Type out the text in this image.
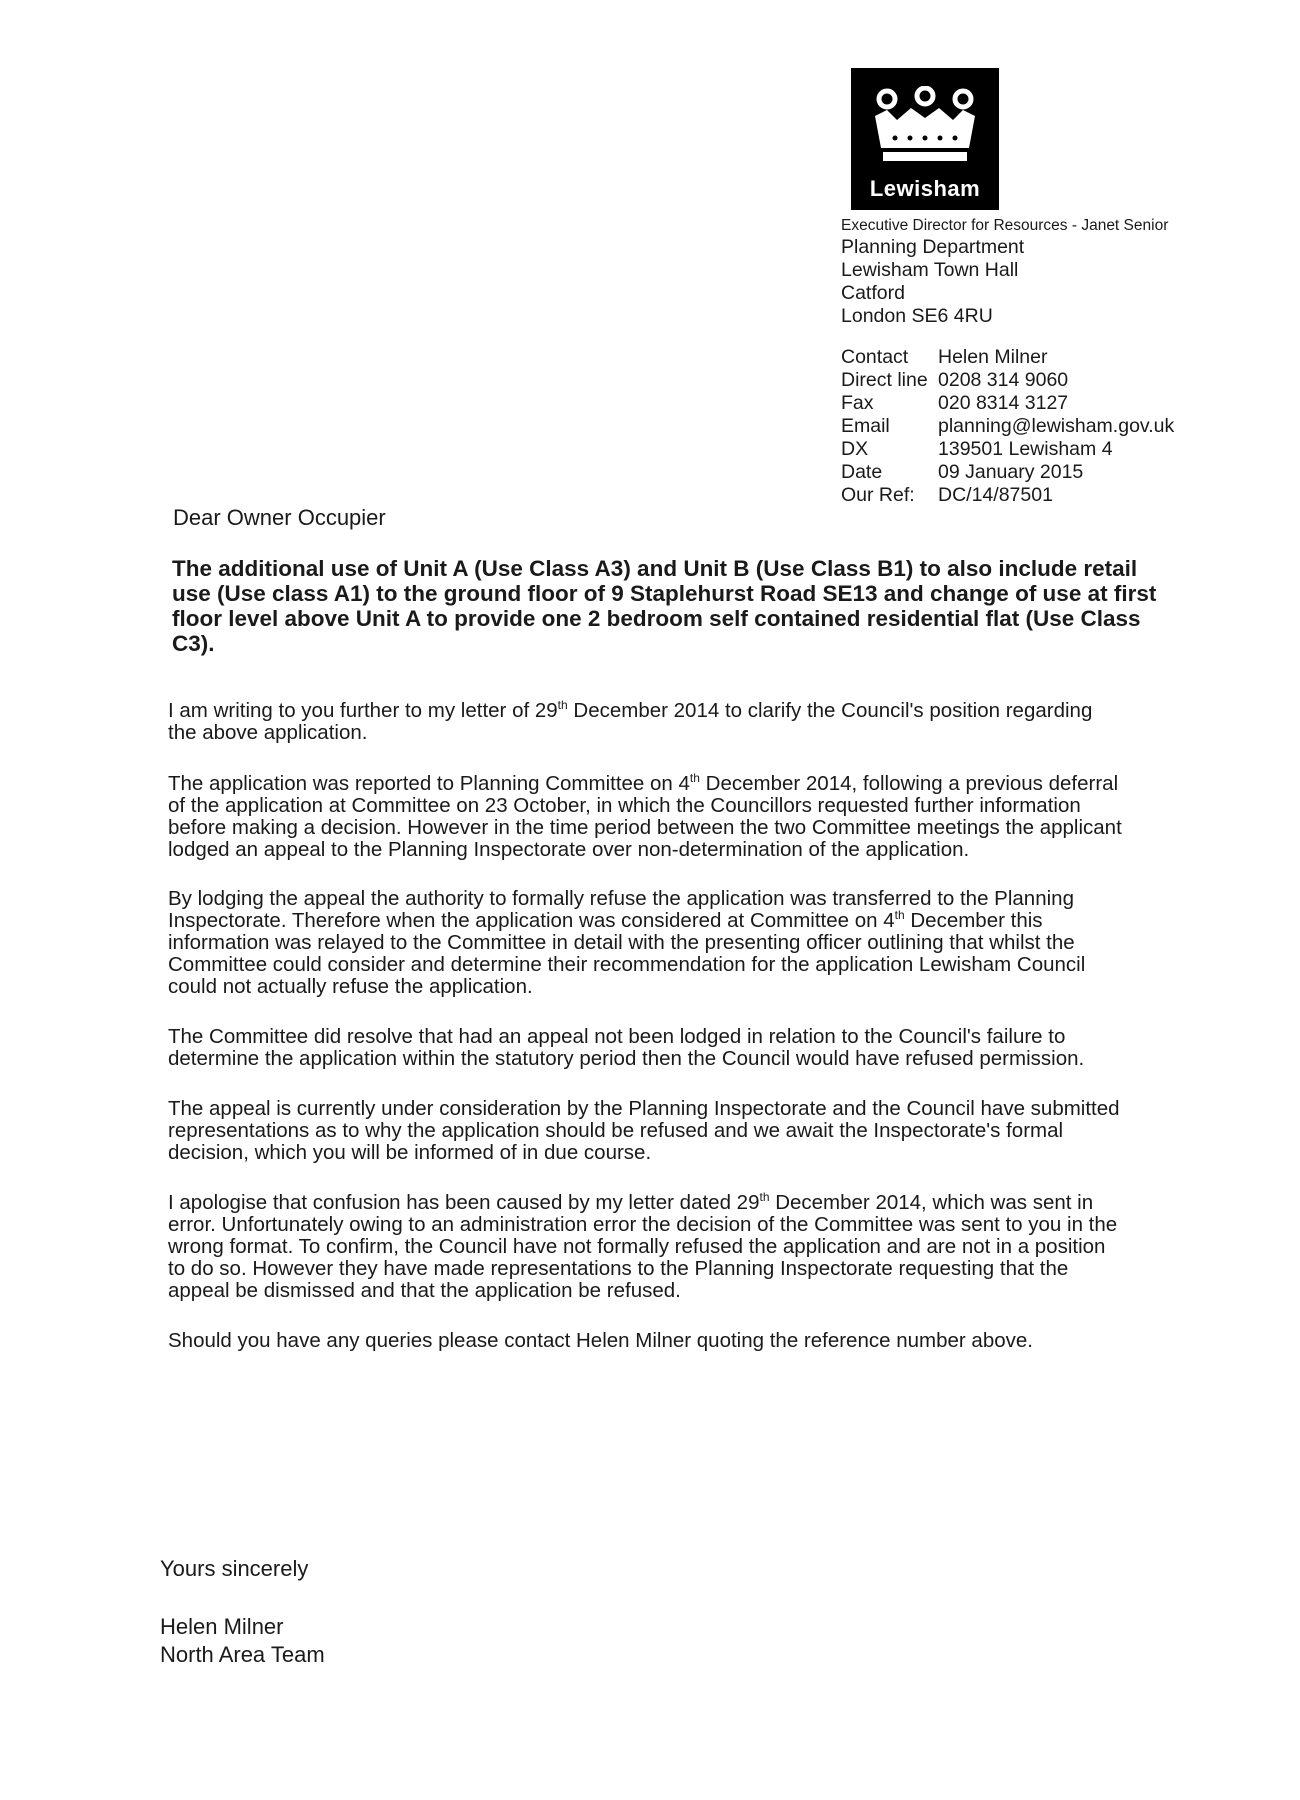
Lewisham
Executive Director for Resources - Janet Senior
Planning Department
Lewisham Town Hall
Catford
London SE6 4RU
Contact	Helen Milner
Direct line 0208 314 9060
Fax	020 8314 3127
Email	planning@lewisham.gov.uk
DX	139501 Lewisham 4
Date	09 January 2015
Our Ref:	DC/14/87501
Dear Owner Occupier
The additional use of Unit A (Use Class A3) and Unit B (Use Class B1) to also include retail use (Use class A1) to the ground floor of 9 Staplehurst Road SE13 and change of use at first floor level above Unit A to provide one 2 bedroom self contained residential flat (Use Class C3).

I am writing to you further to my letter of 29th December 2014 to clarify the Council's position regarding the above application.

The application was reported to Planning Committee on 4th December 2014, following a previous deferral of the application at Committee on 23 October, in which the Councillors requested further information before making a decision. However in the time period between the two Committee meetings the applicant lodged an appeal to the Planning Inspectorate over non-determination of the application.

By lodging the appeal the authority to formally refuse the application was transferred to the Planning Inspectorate. Therefore when the application was considered at Committee on 4th December this information was relayed to the Committee in detail with the presenting officer outlining that whilst the Committee could consider and determine their recommendation for the application Lewisham Council could not actually refuse the application.

The Committee did resolve that had an appeal not been lodged in relation to the Council's failure to determine the application within the statutory period then the Council would have refused permission.

The appeal is currently under consideration by the Planning Inspectorate and the Council have submitted representations as to why the application should be refused and we await the Inspectorate's formal decision, which you will be informed of in due course.

I apologise that confusion has been caused by my letter dated 29th December 2014, which was sent in error. Unfortunately owing to an administration error the decision of the Committee was sent to you in the wrong format. To confirm, the Council have not formally refused the application and are not in a position to do so. However they have made representations to the Planning Inspectorate requesting that the appeal be dismissed and that the application be refused.

Should you have any queries please contact Helen Milner quoting the reference number above.

Yours sincerely
Helen Milner
North Area Team
